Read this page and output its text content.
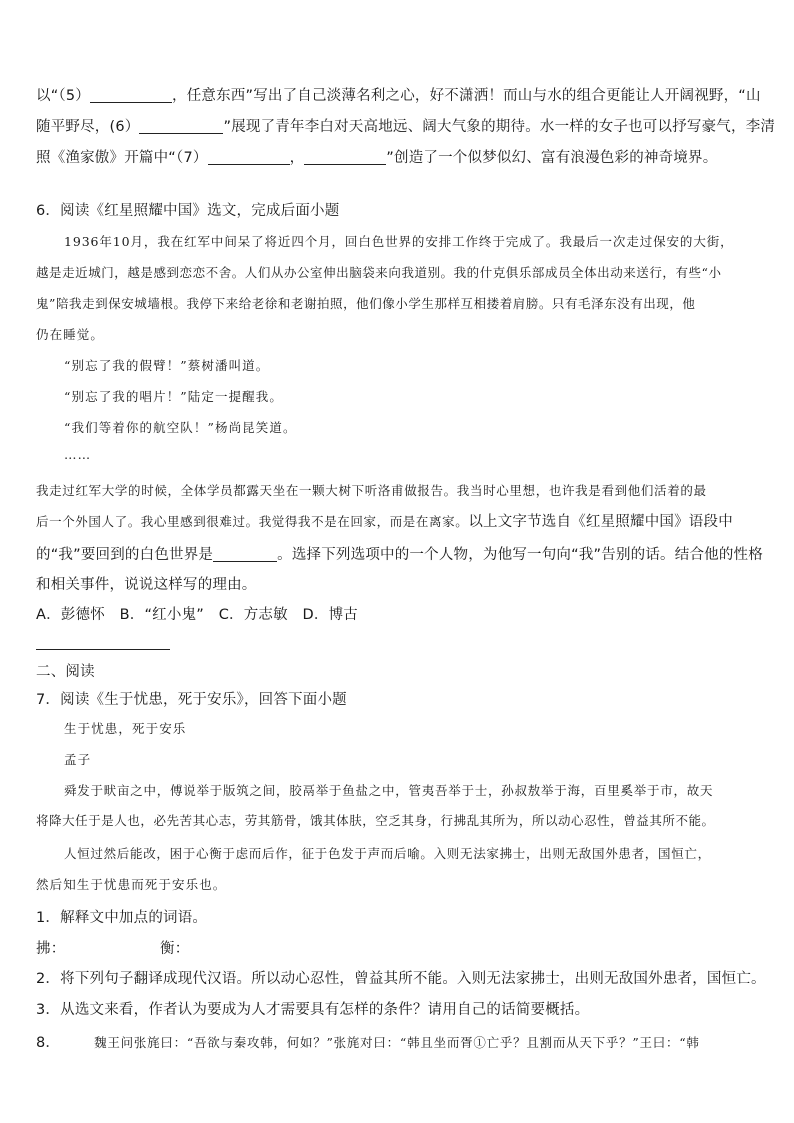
以“（5）	，任意东西”写出了自己淡薄名利之心，好不潇洒！而山与水的组合更能让人开阔视野，“山
随平野尽，(6）	”展现了青年李白对天高地远、阔大气象的期待。水一样的女子也可以抒写豪气，李清
照《渔家傲》开篇中“（7）	，	”创造了一个似梦似幻、富有浪漫色彩的神奇境界。
6．阅读《红星照耀中国》选文，完成后面小题
1936年10月，我在红军中间呆了将近四个月，回白色世界的安排工作终于完成了。我最后一次走过保安的大街，
越是走近城门，越是感到恋恋不舍。人们从办公室伸出脑袋来向我道别。我的什克俱乐部成员全体出动来送行，有些“小
鬼”陪我走到保安城墙根。我停下来给老徐和老谢拍照，他们像小学生那样互相搂着肩膀。只有毛泽东没有出现，他
仍在睡觉。
“别忘了我的假臂！”蔡树潘叫道。
“别忘了我的唱片！”陆定一提醒我。
“我们等着你的航空队！”杨尚昆笑道。
……
我走过红军大学的时候，全体学员都露天坐在一颗大树下听洛甫做报告。我当时心里想，也许我是看到他们活着的最
后一个外国人了。我心里感到很难过。我觉得我不是在回家，而是在离家。以上文字节选自《红星照耀中国》语段中
的“我”要回到的白色世界是	。选择下列选项中的一个人物，为他写一句向“我”告别的话。结合他的性格
和相关事件，说说这样写的理由。
A．彭德怀　B．“红小鬼”　C．方志敏　D．博古
二、阅读
7．阅读《生于忧患，死于安乐》，回答下面小题
生于忧患，死于安乐
孟子
舜发于畎亩之中，傅说举于版筑之间，胶鬲举于鱼盐之中，管夷吾举于士，孙叔敖举于海，百里奚举于市，故天
将降大任于是人也，必先苦其心志，劳其筋骨，饿其体肤，空乏其身，行拂乱其所为，所以动心忍性，曾益其所不能。
人恒过然后能改，困于心衡于虑而后作，征于色发于声而后喻。入则无法家拂士，出则无敌国外患者，国恒亡，
然后知生于忧患而死于安乐也。
1．解释文中加点的词语。
拂：	衡：
2．将下列句子翻译成现代汉语。所以动心忍性，曾益其所不能。入则无法家拂士，出则无敌国外患者，国恒亡。
3．从选文来看，作者认为要成为人才需要具有怎样的条件？请用自己的话简要概括。
8．	魏王问张旄曰：“吾欲与秦攻韩，何如？”张旄对曰：“韩且坐而胥①亡乎？且割而从天下乎？”王曰：“韩
